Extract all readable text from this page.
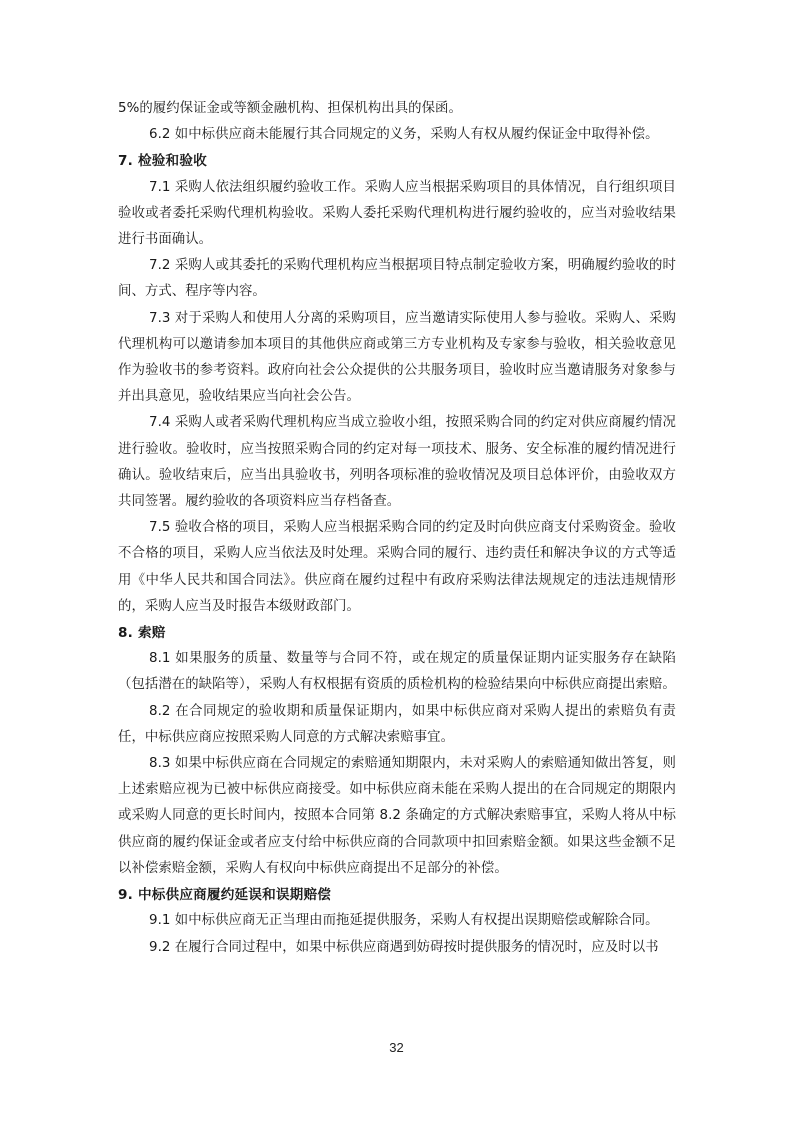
5%的履约保证金或等额金融机构、担保机构出具的保函。

6.2 如中标供应商未能履行其合同规定的义务，采购人有权从履约保证金中取得补偿。

7. 检验和验收

7.1 采购人依法组织履约验收工作。采购人应当根据采购项目的具体情况，自行组织项目验收或者委托采购代理机构验收。采购人委托采购代理机构进行履约验收的，应当对验收结果进行书面确认。

7.2 采购人或其委托的采购代理机构应当根据项目特点制定验收方案，明确履约验收的时间、方式、程序等内容。

7.3 对于采购人和使用人分离的采购项目，应当邀请实际使用人参与验收。采购人、采购代理机构可以邀请参加本项目的其他供应商或第三方专业机构及专家参与验收，相关验收意见作为验收书的参考资料。政府向社会公众提供的公共服务项目，验收时应当邀请服务对象参与并出具意见，验收结果应当向社会公告。

7.4 采购人或者采购代理机构应当成立验收小组，按照采购合同的约定对供应商履约情况进行验收。验收时，应当按照采购合同的约定对每一项技术、服务、安全标准的履约情况进行确认。验收结束后，应当出具验收书，列明各项标准的验收情况及项目总体评价，由验收双方共同签署。履约验收的各项资料应当存档备查。

7.5 验收合格的项目，采购人应当根据采购合同的约定及时向供应商支付采购资金。验收不合格的项目，采购人应当依法及时处理。采购合同的履行、违约责任和解决争议的方式等适用《中华人民共和国合同法》。供应商在履约过程中有政府采购法律法规规定的违法违规情形的，采购人应当及时报告本级财政部门。

8. 索赔

8.1 如果服务的质量、数量等与合同不符，或在规定的质量保证期内证实服务存在缺陷（包括潜在的缺陷等），采购人有权根据有资质的质检机构的检验结果向中标供应商提出索赔。

8.2 在合同规定的验收期和质量保证期内，如果中标供应商对采购人提出的索赔负有责任，中标供应商应按照采购人同意的方式解决索赔事宜。

8.3 如果中标供应商在合同规定的索赔通知期限内，未对采购人的索赔通知做出答复，则上述索赔应视为已被中标供应商接受。如中标供应商未能在采购人提出的在合同规定的期限内或采购人同意的更长时间内，按照本合同第 8.2 条确定的方式解决索赔事宜，采购人将从中标供应商的履约保证金或者应支付给中标供应商的合同款项中扣回索赔金额。如果这些金额不足以补偿索赔金额，采购人有权向中标供应商提出不足部分的补偿。

9. 中标供应商履约延误和误期赔偿

9.1 如中标供应商无正当理由而拖延提供服务，采购人有权提出误期赔偿或解除合同。

9.2 在履行合同过程中，如果中标供应商遇到妨碍按时提供服务的情况时，应及时以书

32
